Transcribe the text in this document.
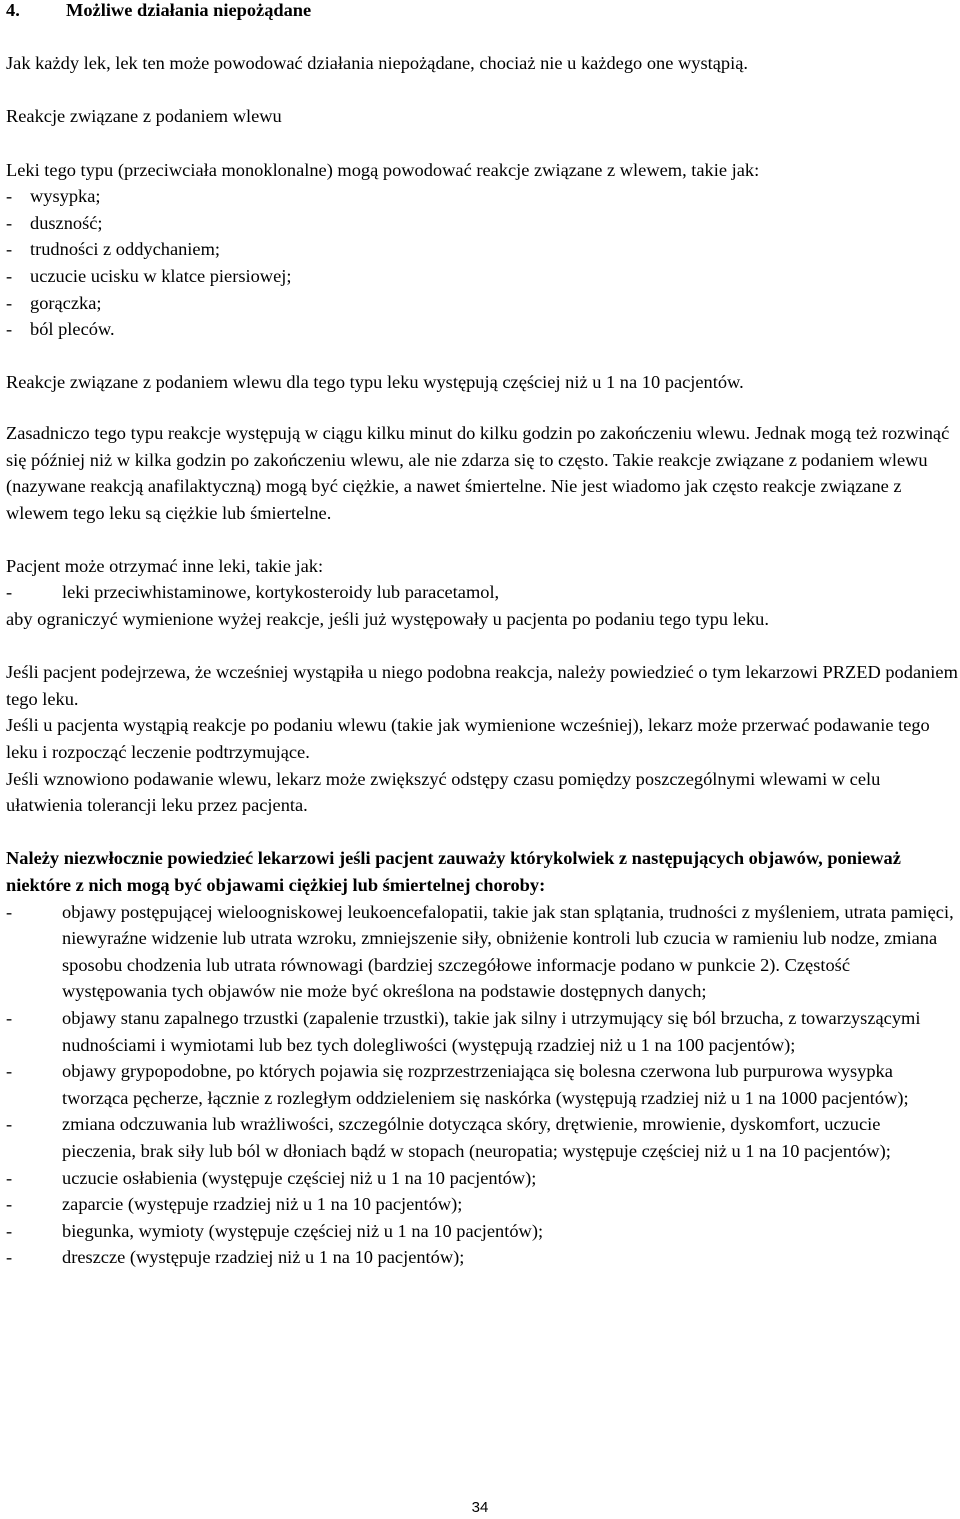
4.	Możliwe działania niepożądane

Jak każdy lek, lek ten może powodować działania niepożądane, chociaż nie u każdego one wystąpią.

Reakcje związane z podaniem wlewu

Leki tego typu (przeciwciała monoklonalne) mogą powodować reakcje związane z wlewem, takie jak:

- wysypka;
- duszność;
- trudności z oddychaniem;
- uczucie ucisku w klatce piersiowej;
- gorączka;
- ból pleców.

Reakcje związane z podaniem wlewu dla tego typu leku występują częściej niż u 1 na 10 pacjentów.

Zasadniczo tego typu reakcje występują w ciągu kilku minut do kilku godzin po zakończeniu wlewu. Jednak mogą też rozwinąć się później niż w kilka godzin po zakończeniu wlewu, ale nie zdarza się to często. Takie reakcje związane z podaniem wlewu (nazywane reakcją anafilaktyczną) mogą być ciężkie, a nawet śmiertelne. Nie jest wiadomo jak często reakcje związane z wlewem tego leku są ciężkie lub śmiertelne.

Pacjent może otrzymać inne leki, takie jak:

-	leki przeciwhistaminowe, kortykosteroidy lub paracetamol,

aby ograniczyć wymienione wyżej reakcje, jeśli już występowały u pacjenta po podaniu tego typu leku.

Jeśli pacjent podejrzewa, że wcześniej wystąpiła u niego podobna reakcja, należy powiedzieć o tym lekarzowi PRZED podaniem tego leku.

Jeśli u pacjenta wystąpią reakcje po podaniu wlewu (takie jak wymienione wcześniej), lekarz może przerwać podawanie tego leku i rozpocząć leczenie podtrzymujące.

Jeśli wznowiono podawanie wlewu, lekarz może zwiększyć odstępy czasu pomiędzy poszczególnymi wlewami w celu ułatwienia tolerancji leku przez pacjenta.

Należy niezwłocznie powiedzieć lekarzowi jeśli pacjent zauważy którykolwiek z następujących objawów, ponieważ niektóre z nich mogą być objawami ciężkiej lub śmiertelnej choroby:

-	objawy postępującej wieloogniskowej leukoencefalopatii, takie jak stan splątania, trudności z myśleniem, utrata pamięci, niewyraźne widzenie lub utrata wzroku, zmniejszenie siły, obniżenie kontroli lub czucia w ramieniu lub nodze, zmiana sposobu chodzenia lub utrata równowagi (bardziej szczegółowe informacje podano w punkcie 2). Częstość występowania tych objawów nie może być określona na podstawie dostępnych danych;
-	objawy stanu zapalnego trzustki (zapalenie trzustki), takie jak silny i utrzymujący się ból brzucha, z towarzyszącymi nudnościami i wymiotami lub bez tych dolegliwości (występują rzadziej niż u 1 na 100 pacjentów);
-	objawy grypopodobne, po których pojawia się rozprzestrzeniająca się bolesna czerwona lub purpurowa wysypka tworząca pęcherze, łącznie z rozległym oddzieleniem się naskórka (występują rzadziej niż u 1 na 1000 pacjentów);
-	zmiana odczuwania lub wrażliwości, szczególnie dotycząca skóry, drętwienie, mrowienie, dyskomfort, uczucie pieczenia, brak siły lub ból w dłoniach bądź w stopach (neuropatia; występuje częściej niż u 1 na 10 pacjentów);
-	uczucie osłabienia (występuje częściej niż u 1 na 10 pacjentów);
-	zaparcie (występuje rzadziej niż u 1 na 10 pacjentów);
-	biegunka, wymioty (występuje częściej niż u 1 na 10 pacjentów);
-	dreszcze (występuje rzadziej niż u 1 na 10 pacjentów);
34
